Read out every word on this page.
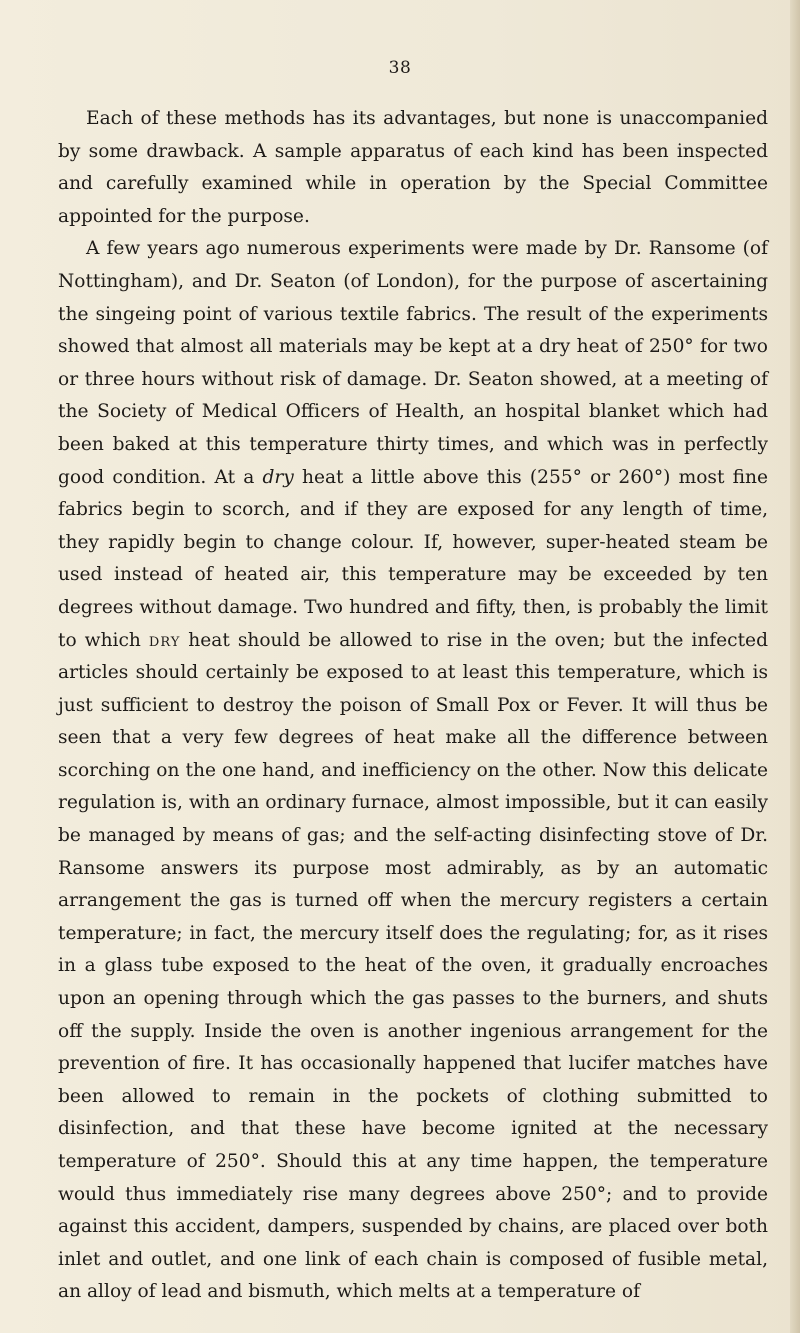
38

Each of these methods has its advantages, but none is unaccompanied by some drawback. A sample apparatus of each kind has been inspected and carefully examined while in operation by the Special Committee appointed for the purpose.

A few years ago numerous experiments were made by Dr. Ransome (of Nottingham), and Dr. Seaton (of London), for the purpose of ascertaining the singeing point of various textile fabrics. The result of the experiments showed that almost all materials may be kept at a dry heat of 250° for two or three hours without risk of damage. Dr. Seaton showed, at a meeting of the Society of Medical Officers of Health, an hospital blanket which had been baked at this temperature thirty times, and which was in perfectly good condition. At a dry heat a little above this (255° or 260°) most fine fabrics begin to scorch, and if they are exposed for any length of time, they rapidly begin to change colour. If, however, super-heated steam be used instead of heated air, this temperature may be exceeded by ten degrees without damage. Two hundred and fifty, then, is probably the limit to which dry heat should be allowed to rise in the oven; but the infected articles should certainly be exposed to at least this temperature, which is just sufficient to destroy the poison of Small Pox or Fever. It will thus be seen that a very few degrees of heat make all the difference between scorching on the one hand, and inefficiency on the other. Now this delicate regulation is, with an ordinary furnace, almost impossible, but it can easily be managed by means of gas; and the self-acting disinfecting stove of Dr. Ransome answers its purpose most admirably, as by an automatic arrangement the gas is turned off when the mercury registers a certain temperature; in fact, the mercury itself does the regulating; for, as it rises in a glass tube exposed to the heat of the oven, it gradually encroaches upon an opening through which the gas passes to the burners, and shuts off the supply. Inside the oven is another ingenious arrangement for the prevention of fire. It has occasionally happened that lucifer matches have been allowed to remain in the pockets of clothing submitted to disinfection, and that these have become ignited at the necessary temperature of 250°. Should this at any time happen, the temperature would thus immediately rise many degrees above 250°; and to provide against this accident, dampers, suspended by chains, are placed over both inlet and outlet, and one link of each chain is composed of fusible metal, an alloy of lead and bismuth, which melts at a temperature of
